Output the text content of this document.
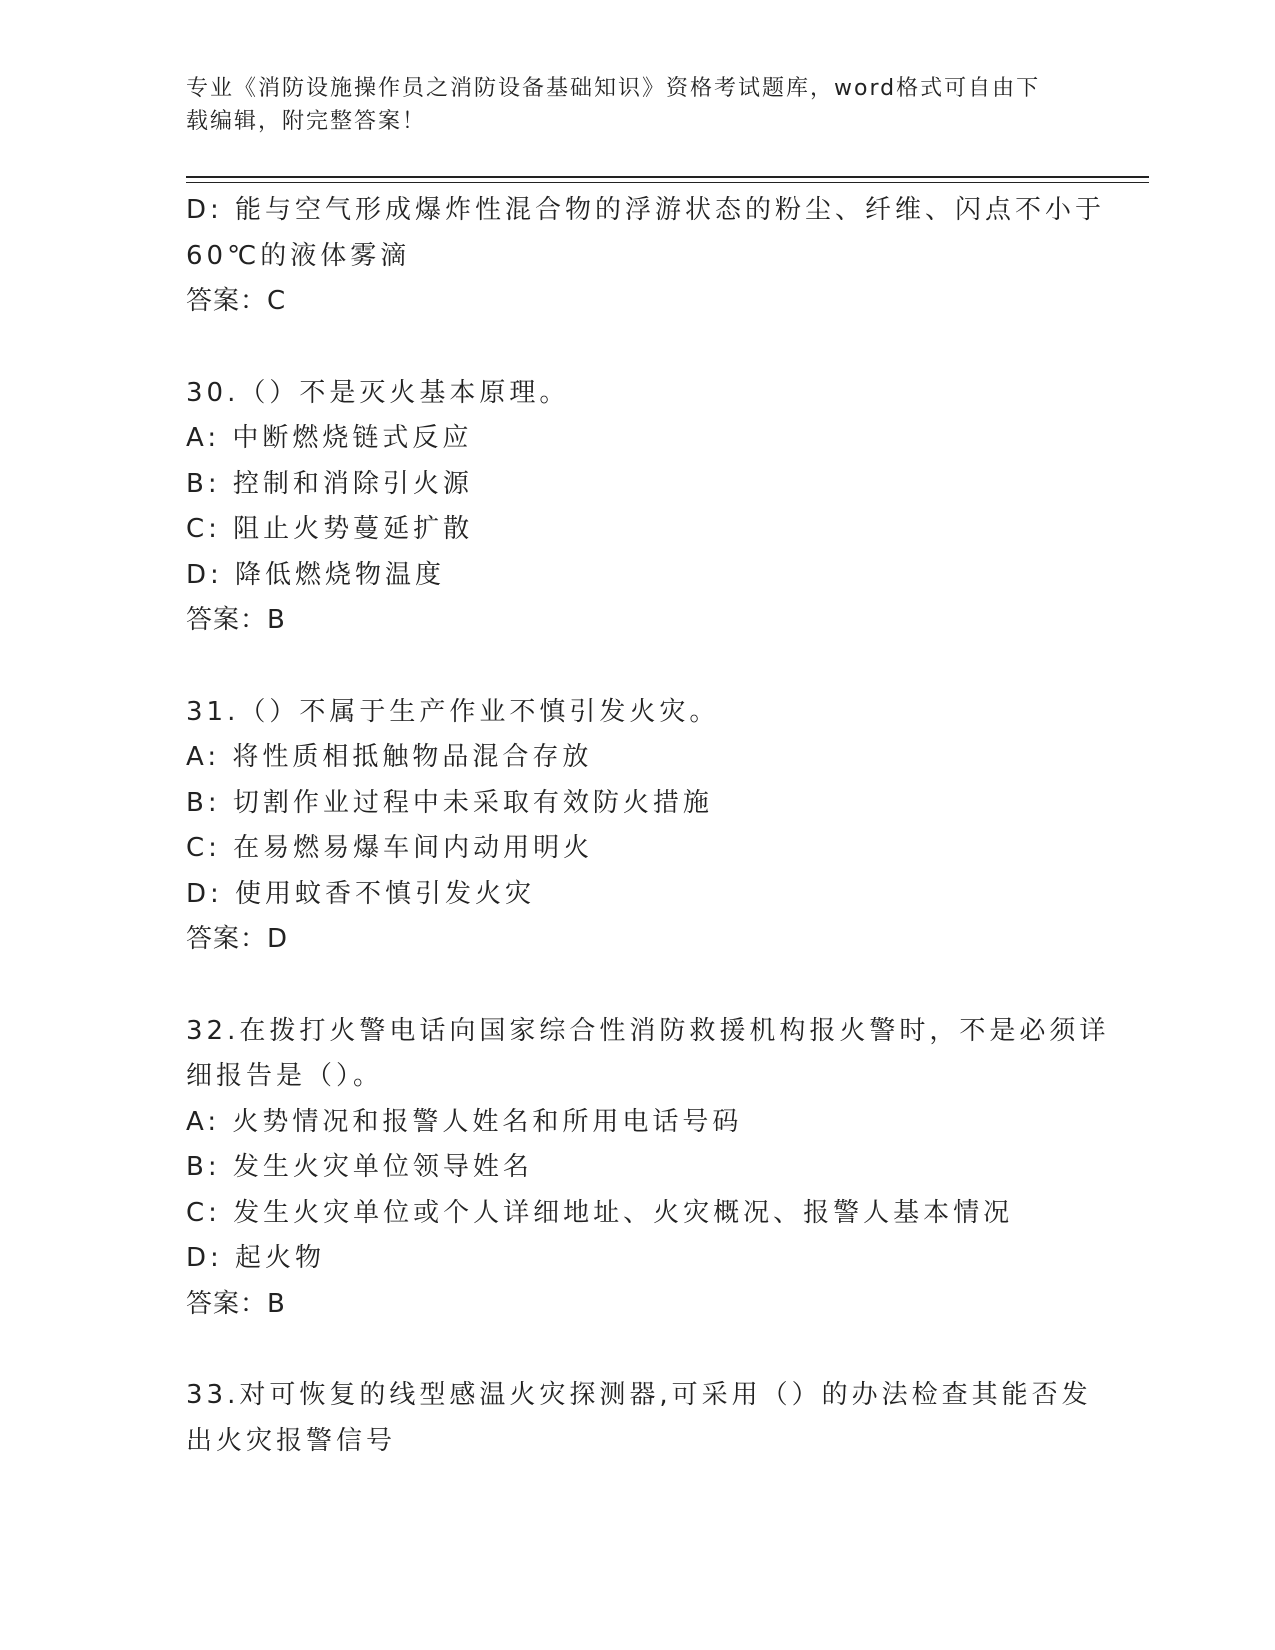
专业《消防设施操作员之消防设备基础知识》资格考试题库，word格式可自由下
载编辑，附完整答案！
D: 能与空气形成爆炸性混合物的浮游状态的粉尘、纤维、闪点不小于
60℃的液体雾滴
答案：C
30.（）不是灭火基本原理。
A: 中断燃烧链式反应
B: 控制和消除引火源
C: 阻止火势蔓延扩散
D: 降低燃烧物温度
答案：B
31.（）不属于生产作业不慎引发火灾。
A: 将性质相抵触物品混合存放
B: 切割作业过程中未采取有效防火措施
C: 在易燃易爆车间内动用明火
D: 使用蚊香不慎引发火灾
答案：D
32.在拨打火警电话向国家综合性消防救援机构报火警时，不是必须详
细报告是（）。
A: 火势情况和报警人姓名和所用电话号码
B: 发生火灾单位领导姓名
C: 发生火灾单位或个人详细地址、火灾概况、报警人基本情况
D: 起火物
答案：B
33.对可恢复的线型感温火灾探测器,可采用（）的办法检查其能否发
出火灾报警信号
